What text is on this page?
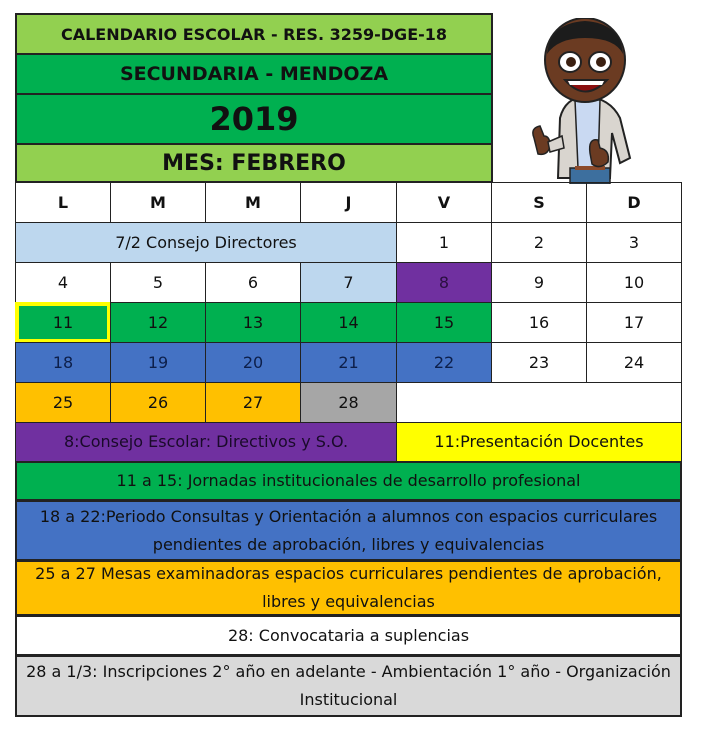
CALENDARIO ESCOLAR - RES. 3259-DGE-18
SECUNDARIA - MENDOZA
2019
MES: FEBRERO
L	M	M	J	V	S	D
7/2 Consejo Directores	1	2	3
4	5	6	7	8	9	10
11	12	13	14	15	16	17
18	19	20	21	22	23	24
25	26	27	28
8:Consejo Escolar: Directivos y S.O.	11:Presentación Docentes
11 a 15: Jornadas institucionales de desarrollo profesional
18 a 22:Periodo Consultas y Orientación a alumnos con espacios curriculares pendientes de aprobación, libres y equivalencias
25 a 27 Mesas examinadoras espacios curriculares pendientes de aprobación, libres y equivalencias
28: Convocataria a suplencias
28 a 1/3: Inscripciones 2° año en adelante - Ambientación 1° año - Organización Institucional
